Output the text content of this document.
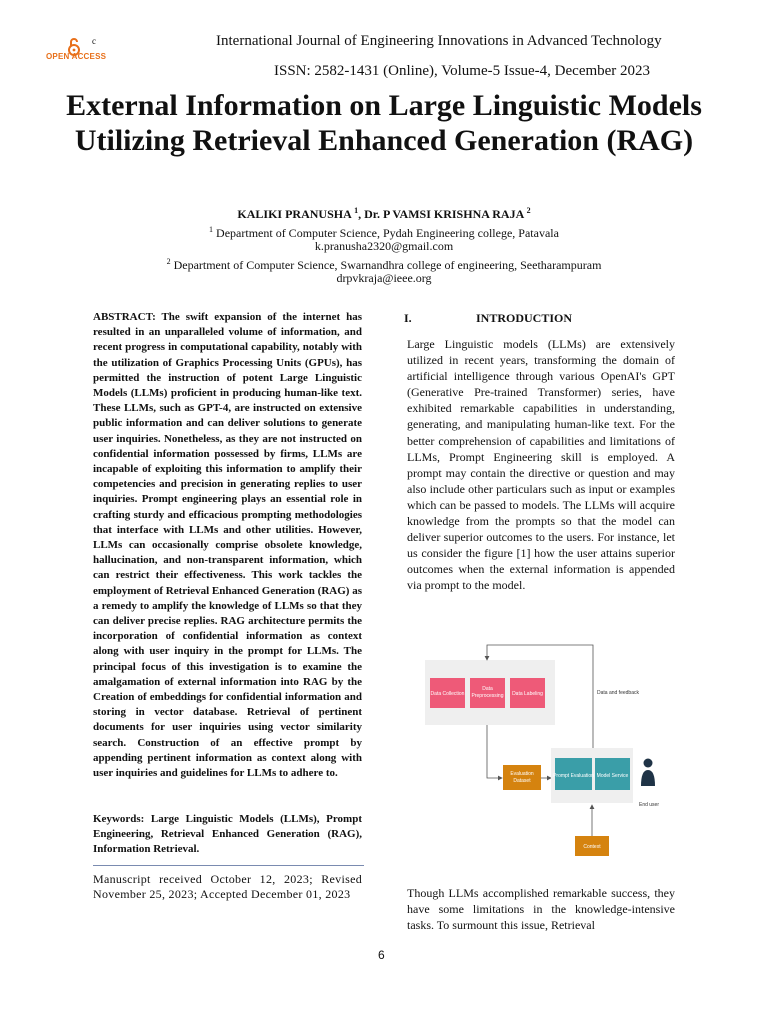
c
OPEN ACCESS
International Journal of Engineering Innovations in Advanced Technology
ISSN: 2582-1431 (Online), Volume-5 Issue-4, December 2023
External Information on Large Linguistic Models Utilizing Retrieval Enhanced Generation (RAG)
KALIKI PRANUSHA $^1$, Dr. P VAMSI KRISHNA RAJA $^2$
$^1$ Department of Computer Science, Pydah Engineering college, Patavala
k.pranusha2320@gmail.com
$^2$ Department of Computer Science, Swarnandhra college of engineering, Seetharampuram
drpvkraja@ieee.org
ABSTRACT: The swift expansion of the internet has resulted in an unparalleled volume of information, and recent progress in computational capability, notably with the utilization of Graphics Processing Units (GPUs), has permitted the instruction of potent Large Linguistic Models (LLMs) proficient in producing human-like text. These LLMs, such as GPT-4, are instructed on extensive public information and can deliver solutions to generate user inquiries. Nonetheless, as they are not instructed on confidential information possessed by firms, LLMs are incapable of exploiting this information to amplify their competencies and precision in generating replies to user inquiries. Prompt engineering plays an essential role in crafting sturdy and efficacious prompting methodologies that interface with LLMs and other utilities. However, LLMs can occasionally comprise obsolete knowledge, hallucination, and non-transparent information, which can restrict their effectiveness. This work tackles the employment of Retrieval Enhanced Generation (RAG) as a remedy to amplify the knowledge of LLMs so that they can deliver precise replies. RAG architecture permits the incorporation of confidential information as context along with user inquiry in the prompt for LLMs. The principal focus of this investigation is to examine the amalgamation of external information into RAG by the Creation of embeddings for confidential information and storing in vector database. Retrieval of pertinent documents for user inquiries using vector similarity search. Construction of an effective prompt by appending pertinent information as context along with user inquiries and guidelines for LLMs to adhere to.
Keywords: Large Linguistic Models (LLMs), Prompt Engineering, Retrieval Enhanced Generation (RAG), Information Retrieval.
Manuscript received October 12, 2023; Revised November 25, 2023; Accepted December 01, 2023
I.	INTRODUCTION
Large Linguistic models (LLMs) are extensively utilized in recent years, transforming the domain of artificial intelligence through various OpenAI's GPT (Generative Pre-trained Transformer) series, have exhibited remarkable capabilities in understanding, generating, and manipulating human-like text. For the better comprehension of capabilities and limitations of LLMs, Prompt Engineering skill is employed. A prompt may contain the directive or question and may also include other particulars such as input or examples which can be passed to models. The LLMs will acquire knowledge from the prompts so that the model can deliver superior outcomes to the users. For instance, let us consider the figure [1] how the user attains superior outcomes when the external information is appended via prompt to the model.
Data Collection
Data
Preprocessing Data Labeling	Data and feedback
Evaluation
Dataset
Prompt Evaluation Model Service
End user
Context
Though LLMs accomplished remarkable success, they have some limitations in the knowledge-intensive tasks. To surmount this issue, Retrieval
6
